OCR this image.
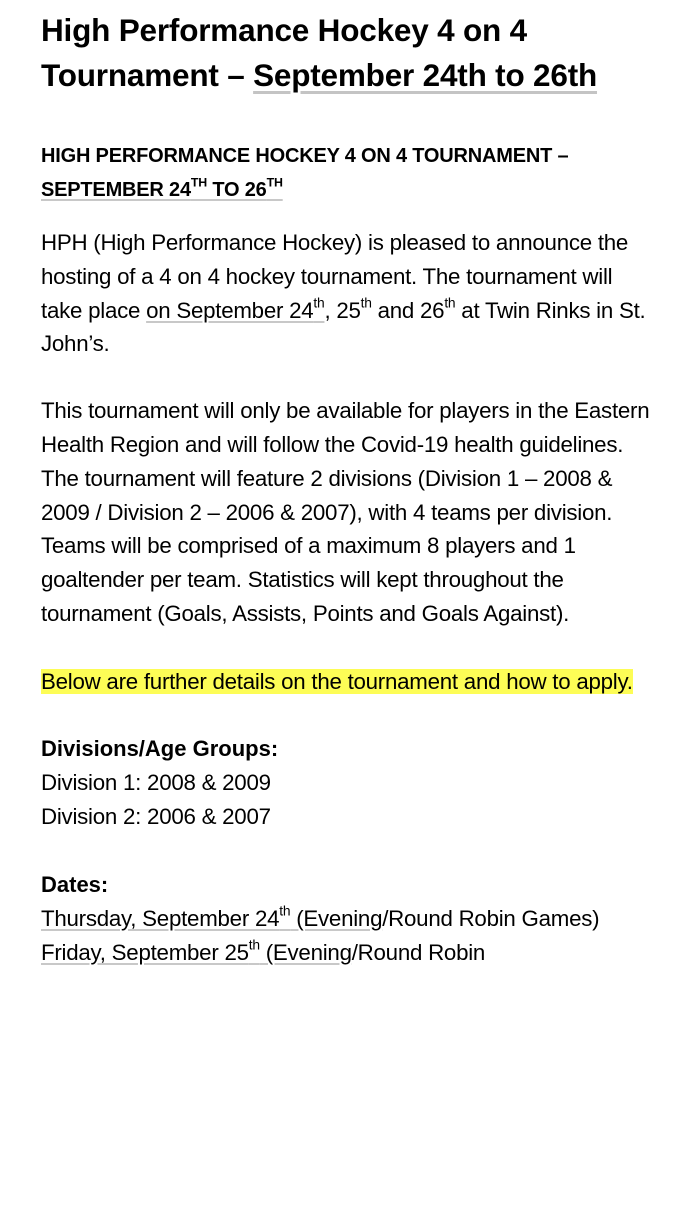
High Performance Hockey 4 on 4 Tournament – September 24th to 26th
HIGH PERFORMANCE HOCKEY 4 ON 4 TOURNAMENT – SEPTEMBER 24TH TO 26TH

HPH (High Performance Hockey) is pleased to announce the hosting of a 4 on 4 hockey tournament. The tournament will take place on September 24th, 25th and 26th at Twin Rinks in St. John’s.

This tournament will only be available for players in the Eastern Health Region and will follow the Covid-19 health guidelines. The tournament will feature 2 divisions (Division 1 – 2008 & 2009 / Division 2 – 2006 & 2007), with 4 teams per division. Teams will be comprised of a maximum 8 players and 1 goaltender per team. Statistics will kept throughout the tournament (Goals, Assists, Points and Goals Against).

Below are further details on the tournament and how to apply.

Divisions/Age Groups:

Division 1: 2008 & 2009

Division 2: 2006 & 2007

Dates:

Thursday, September 24th (Evening/Round Robin Games)

Friday, September 25th (Evening/Round Robin
